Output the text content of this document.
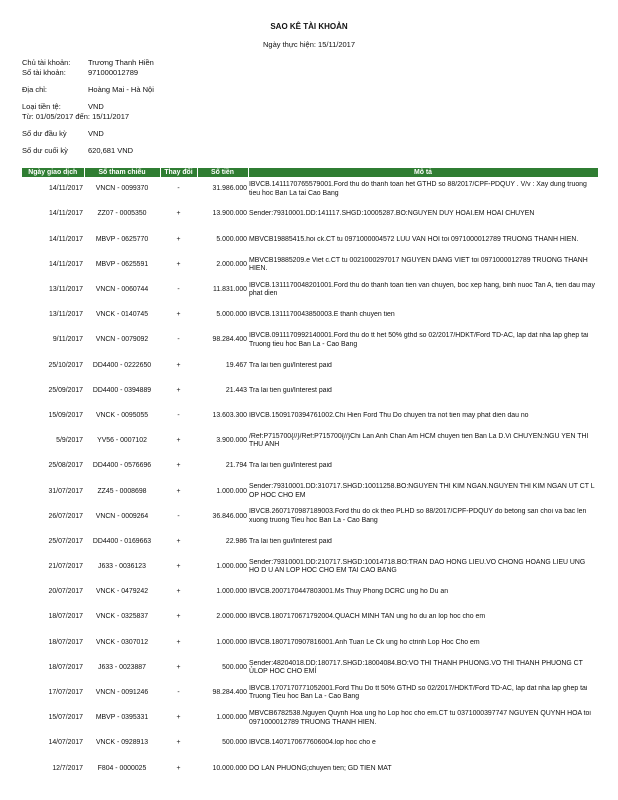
SAO KÊ TÀI KHOẢN
Ngày thực hiện: 15/11/2017
Chủ tài khoản:	Trương Thanh Hiền
Số tài khoản:	971000012789
Địa chỉ:	Hoàng Mai - Hà Nội
Loại tiền tệ:	VND
Từ: 01/05/2017 đến: 15/11/2017
Số dư đầu kỳ	VND
Số dư cuối kỳ	620,681 VND
Ngày giao dịch	Số tham chiếu	Thay đổi	Số tiền	Mô tả
14/11/2017	VNCN - 0099370	-	31.986.000	IBVCB.1411170765579001.Ford thu do thanh toan het GTHD so 88/2017/CPF-PDQUY . V/v : Xay dung truong tieu hoc Ban La tai Cao Bang

14/11/2017	ZZ07 - 0005350	+	13.900.000	Sender:79310001.DD:141117.SHGD:10005287.BO:NGUYEN DUY HOAI.EM HOAI CHUYEN

14/11/2017	MBVP - 0625770	+	5.000.000	MBVCB19885415.hoi ck.CT tu 0971000004572 LUU VAN HOI toi 0971000012789 TRUONG THANH HIEN.

14/11/2017	MBVP - 0625591	+	2.000.000	MBVCB19885209.e Viet c.CT tu 0021000297017 NGUYEN DANG VIET toi 0971000012789 TRUONG THANH HIEN.

13/11/2017	VNCN - 0060744	-	11.831.000	IBVCB.1311170048201001.Ford thu do thanh toan tien van chuyen, boc xep hang, binh nuoc Tan A, tien dau may phat dien

13/11/2017	VNCK - 0140745	+	5.000.000	IBVCB.1311170043850003.E thanh chuyen tien

9/11/2017	VNCN - 0079092	-	98.284.400	IBVCB.0911170992140001.Ford thu do tt het 50% gthd so 02/2017/HDKT/Ford TD-AC, lap dat nha lap ghep tai Truong tieu hoc Ban La - Cao Bang

25/10/2017	DD4400 - 0222650	+	19.467	Tra lai tien gui/Interest paid

25/09/2017	DD4400 - 0394889	+	21.443	Tra lai tien gui/Interest paid

15/09/2017	VNCK - 0095055	-	13.603.300	IBVCB.1509170394761002.Chi Hien Ford Thu Do chuyen tra not tien may phat dien dau no

5/9/2017	YV56 - 0007102	+	3.900.000	/Ref:P715700{//}/Ref:P715700{//}Chi Lan Anh Chan Am HCM chuyen tien Ban La D.Vi CHUYEN:NGU YEN THI THU ANH

25/08/2017	DD4400 - 0576696	+	21.794	Tra lai tien gui/Interest paid

31/07/2017	ZZ45 - 0008698	+	1.000.000	Sender:79310001.DD:310717.SHGD:10011258.BO:NGUYEN THI KIM NGAN.NGUYEN THI KIM NGAN UT CT L OP HOC CHO EM

26/07/2017	VNCN - 0009264	-	36.846.000	IBVCB.2607170987189003.Ford thu do ck theo PLHD so 88/2017/CPF-PDQUY do betong san choi va bac len xuong truong Tieu hoc Ban La - Cao Bang

25/07/2017	DD4400 - 0169663	+	22.986	Tra lai tien gui/Interest paid

21/07/2017	J633 - 0036123	+	1.000.000	Sender:79310001.DD:210717.SHGD:10014718.BO:TRAN DAO HONG LIEU.VO CHONG HOANG LIEU UNG HO D U AN LOP HOC CHO EM TAI CAO BANG

20/07/2017	VNCK - 0479242	+	1.000.000	IBVCB.2007170447803001.Ms Thuy Phong DCRC ung ho Du an

18/07/2017	VNCK - 0325837	+	2.000.000	IBVCB.1807170671792004.QUACH MINH TAN ung ho du an lop hoc cho em

18/07/2017	VNCK - 0307012	+	1.000.000	IBVCB.1807170907816001.Anh Tuan Le Ck ung ho ctrinh Lop Hoc Cho em

18/07/2017	J633 - 0023887	+	500.000	Sender:48204018.DD:180717.SHGD:18004084.BO:VO THI THANH PHUONG.VO THI THANH PHUONG CT ỦLOP HOC CHO EMÍ

17/07/2017	VNCN - 0091246	-	98.284.400	IBVCB.1707170771052001.Ford Thu Do tt 50% GTHD so 02/2017/HDKT/Ford TD-AC, lap dat nha lap ghep tai Truong Tieu hoc Ban La - Cao Bang

15/07/2017	MBVP - 0395331	+	1.000.000	MBVCB6782538.Nguyen Quynh Hoa ung ho Lop hoc cho em.CT tu 0371000397747 NGUYEN QUYNH HOA toi 0971000012789 TRUONG THANH HIEN.

14/07/2017	VNCK - 0928913	+	500.000	IBVCB.1407170677606004.lop hoc cho e

12/7/2017	F804 - 0000025	+	10.000.000	DO LAN PHUONG;chuyen tien; GD TIEN MAT
